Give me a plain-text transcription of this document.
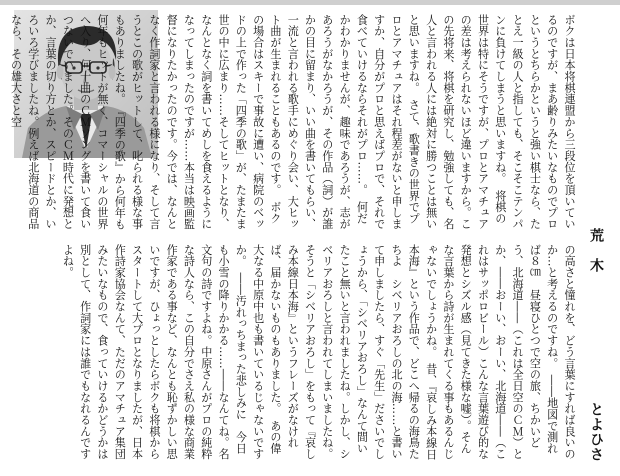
ボクは日本将棋連盟から三段位を頂いているのですが、まあ齢りみたいなものでプロというとちらかというと強い棋士なら、たとえ一級の人と指しても、そこそこテンパンに負けてしまうと思いますね。　将棋の世界は特にそうですが、プロとアマチュアの差は考えられないほど違いますから。この先将来、将棋を研究し、勉強しても、名人と言われる人には絶対に勝つことは無いと思いますね。　さて、歌書きの世界でプロとアマチュアはそれ程差がないと申しますか、自分がプロと思えばプロで、それで食べていけるならそれがプロ……。　何だかわかりませんが、趣味であろうが、志があろうがなかろうが、その作品（詞）が誰かの目に留まり、いい曲を書いてもらい、一流と言われる歌手にめぐり会い、大ヒット曲が生まれることもあるのです。　ボクの場合はスキーで事故に遭い、病院のベッドの上で作った「四季の歌」が、たまたま世の中に広まり……そしてヒットとなり、なんとなく詞を書いてめしを食えるようになってしまったのですが……本当は映画監督になりたかったのです。今では、なんとなく作詞家と言われる様になり、そして言うとこの歌がヒットして、叱られる様な事もありましたね。　『四季の歌』から何年も何年もヒットが無く、コマーシャルの世界へ入り、何十曲のＣＭソングを書いて食いつないでいました。そのＣＭ時代に発想とか、言葉の切り方とか、スピードとか、いろいろ学びましたね。例えば北海道の商品なら、その雄大さと空
荒　木
とよひさ
の高さと憧れを、どう言葉にすれば良いのか…と考えるのですね。　――地図で測れば８㎝　昼寝ひとつで空の旅、ちかいどう、北海道――（これは全日空のＣＭ）とか、――おーい、おーい、北海道――（これはサッポロビール）こんな言葉遊び的な発想とシズル感（見てきた様な嘘）。そんな言葉から詩が生まれてくる事もあるんじゃないでしょうかね。　昔、『哀しみ本線日本海』という作品で、どこへ帰るの海鳥たちよ　シベリアおろしの北の海……と書いて申しましたら、すぐ「先生」ださいでしょうから、「シベリアおろし」なんて間いたこと無いと言われましたね。しかし、シベリアおろしと言われてしまいましたね。　そうと「シベリアおろし」をもって『哀しみ本線日本海』というフレーズがなければ、届かないものもありました。　あの偉大なる中原中也も書いているじゃないですか。　――汚れっちまった悲しみに　今日も小雪の降りかかる……――なんてね。名文句の詩ですよね。中原さんがプロの純粋な詩人なら、この自分でさえ私の様な商業作家である事など、なんとも恥ずかしい思いですが、ひょっとしたらボクも将棋からスタートして大プロとなりましたが、日本作詩家協会なんて、ただのアマチュア集団みたいなもので、食っていけるかどうかは別として、作詞家には誰でもなれるんですよね。
